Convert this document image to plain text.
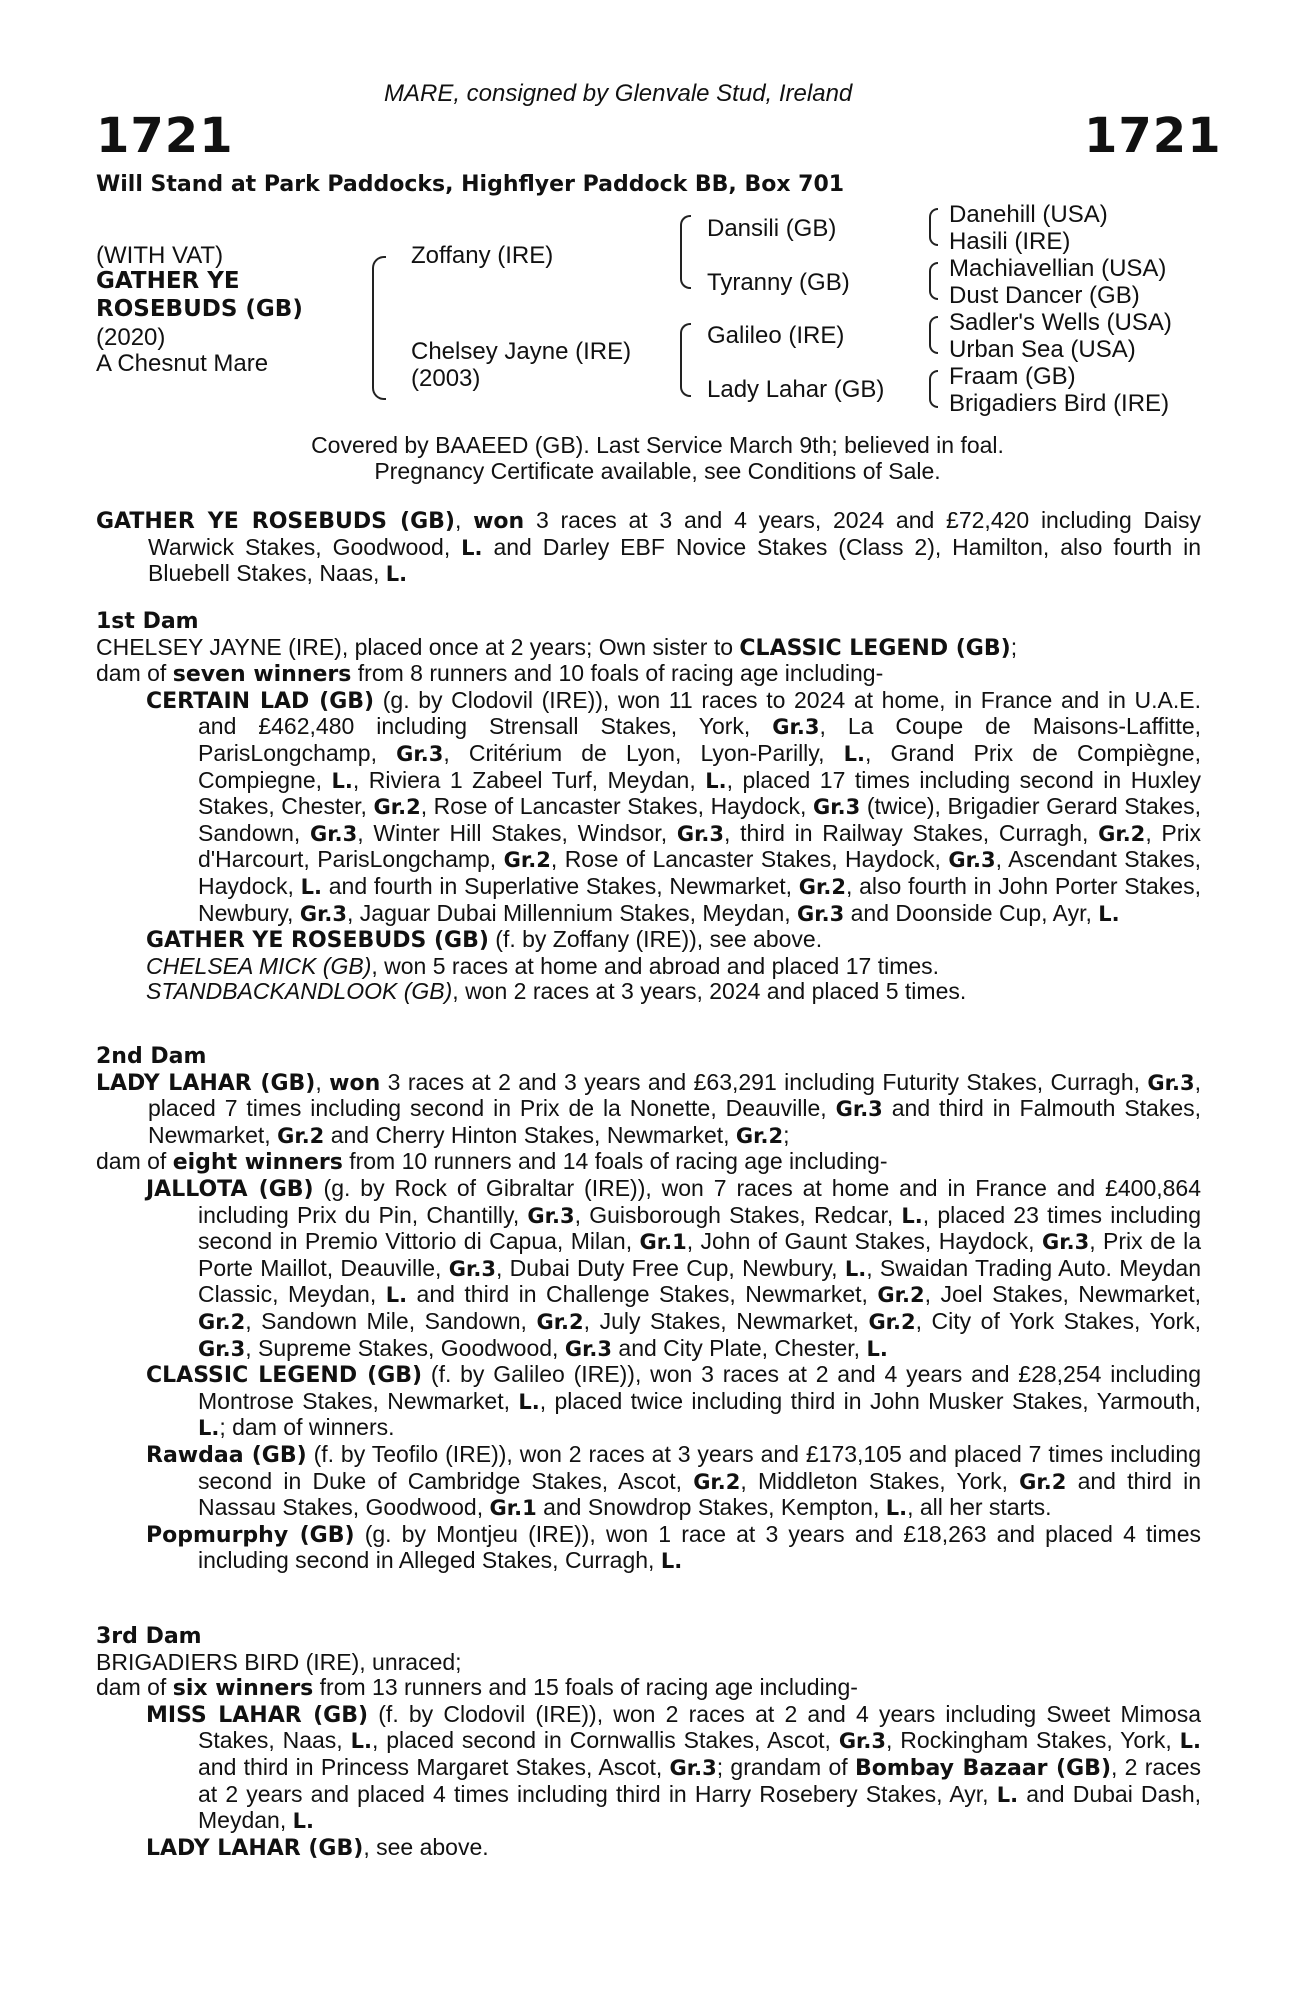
MARE, consigned by Glenvale Stud, Ireland
1721	1721
Will Stand at Park Paddocks, Highflyer Paddock BB, Box 701
(WITH VAT)
GATHER YE
ROSEBUDS (GB)
(2020)
A Chesnut Mare
Zoffany (IRE)
Chelsey Jayne (IRE)
(2003)
Dansili (GB)
Tyranny (GB)
Galileo (IRE)
Lady Lahar (GB)
Danehill (USA)
Hasili (IRE)
Machiavellian (USA)
Dust Dancer (GB)
Sadler's Wells (USA)
Urban Sea (USA)
Fraam (GB)
Brigadiers Bird (IRE)
Covered by BAAEED (GB). Last Service March 9th; believed in foal.
Pregnancy Certificate available, see Conditions of Sale.

GATHER YE ROSEBUDS (GB), won 3 races at 3 and 4 years, 2024 and £72,420 including Daisy Warwick Stakes, Goodwood, L. and Darley EBF Novice Stakes (Class 2), Hamilton, also fourth in Bluebell Stakes, Naas, L.

1st Dam

CHELSEY JAYNE (IRE), placed once at 2 years; Own sister to CLASSIC LEGEND (GB);

dam of seven winners from 8 runners and 10 foals of racing age including-

CERTAIN LAD (GB) (g. by Clodovil (IRE)), won 11 races to 2024 at home, in France and in U.A.E. and £462,480 including Strensall Stakes, York, Gr.3, La Coupe de Maisons-Laffitte, ParisLongchamp, Gr.3, Critérium de Lyon, Lyon-Parilly, L., Grand Prix de Compiègne, Compiegne, L., Riviera 1 Zabeel Turf, Meydan, L., placed 17 times including second in Huxley Stakes, Chester, Gr.2, Rose of Lancaster Stakes, Haydock, Gr.3 (twice), Brigadier Gerard Stakes, Sandown, Gr.3, Winter Hill Stakes, Windsor, Gr.3, third in Railway Stakes, Curragh, Gr.2, Prix d'Harcourt, ParisLongchamp, Gr.2, Rose of Lancaster Stakes, Haydock, Gr.3, Ascendant Stakes, Haydock, L. and fourth in Superlative Stakes, Newmarket, Gr.2, also fourth in John Porter Stakes, Newbury, Gr.3, Jaguar Dubai Millennium Stakes, Meydan, Gr.3 and Doonside Cup, Ayr, L.

GATHER YE ROSEBUDS (GB) (f. by Zoffany (IRE)), see above.

CHELSEA MICK (GB), won 5 races at home and abroad and placed 17 times.

STANDBACKANDLOOK (GB), won 2 races at 3 years, 2024 and placed 5 times.

2nd Dam

LADY LAHAR (GB), won 3 races at 2 and 3 years and £63,291 including Futurity Stakes, Curragh, Gr.3, placed 7 times including second in Prix de la Nonette, Deauville, Gr.3 and third in Falmouth Stakes, Newmarket, Gr.2 and Cherry Hinton Stakes, Newmarket, Gr.2;

dam of eight winners from 10 runners and 14 foals of racing age including-

JALLOTA (GB) (g. by Rock of Gibraltar (IRE)), won 7 races at home and in France and £400,864 including Prix du Pin, Chantilly, Gr.3, Guisborough Stakes, Redcar, L., placed 23 times including second in Premio Vittorio di Capua, Milan, Gr.1, John of Gaunt Stakes, Haydock, Gr.3, Prix de la Porte Maillot, Deauville, Gr.3, Dubai Duty Free Cup, Newbury, L., Swaidan Trading Auto. Meydan Classic, Meydan, L. and third in Challenge Stakes, Newmarket, Gr.2, Joel Stakes, Newmarket, Gr.2, Sandown Mile, Sandown, Gr.2, July Stakes, Newmarket, Gr.2, City of York Stakes, York, Gr.3, Supreme Stakes, Goodwood, Gr.3 and City Plate, Chester, L.

CLASSIC LEGEND (GB) (f. by Galileo (IRE)), won 3 races at 2 and 4 years and £28,254 including Montrose Stakes, Newmarket, L., placed twice including third in John Musker Stakes, Yarmouth, L.; dam of winners.

Rawdaa (GB) (f. by Teofilo (IRE)), won 2 races at 3 years and £173,105 and placed 7 times including second in Duke of Cambridge Stakes, Ascot, Gr.2, Middleton Stakes, York, Gr.2 and third in Nassau Stakes, Goodwood, Gr.1 and Snowdrop Stakes, Kempton, L., all her starts.

Popmurphy (GB) (g. by Montjeu (IRE)), won 1 race at 3 years and £18,263 and placed 4 times including second in Alleged Stakes, Curragh, L.

3rd Dam

BRIGADIERS BIRD (IRE), unraced;

dam of six winners from 13 runners and 15 foals of racing age including-

MISS LAHAR (GB) (f. by Clodovil (IRE)), won 2 races at 2 and 4 years including Sweet Mimosa Stakes, Naas, L., placed second in Cornwallis Stakes, Ascot, Gr.3, Rockingham Stakes, York, L. and third in Princess Margaret Stakes, Ascot, Gr.3; grandam of Bombay Bazaar (GB), 2 races at 2 years and placed 4 times including third in Harry Rosebery Stakes, Ayr, L. and Dubai Dash, Meydan, L.

LADY LAHAR (GB), see above.
